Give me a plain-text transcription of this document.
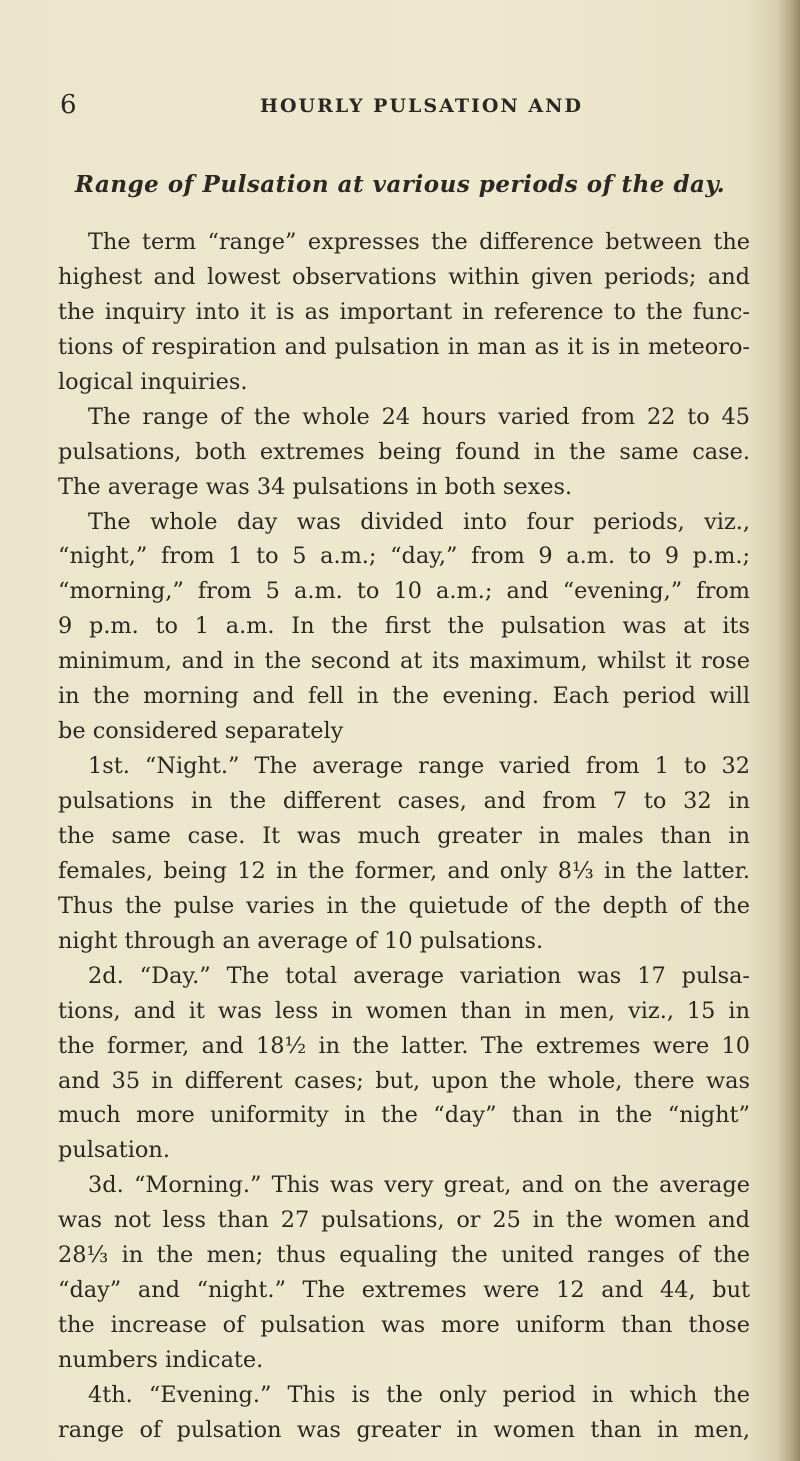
6	HOURLY PULSATION AND
Range of Pulsation at various periods of the day.
The term “range” expresses the difference between the
highest and lowest observations within given periods; and
the inquiry into it is as important in reference to the func-
tions of respiration and pulsation in man as it is in meteoro-
logical inquiries.
The range of the whole 24 hours varied from 22 to 45
pulsations, both extremes being found in the same case.
The average was 34 pulsations in both sexes.
The whole day was divided into four periods, viz.,
“night,” from 1 to 5 a.m.; “day,” from 9 a.m. to 9 p.m.;
“morning,” from 5 a.m. to 10 a.m.; and “evening,” from
9 p.m. to 1 a.m. In the first the pulsation was at its
minimum, and in the second at its maximum, whilst it rose
in the morning and fell in the evening. Each period will
be considered separately
1st. “Night.” The average range varied from 1 to 32
pulsations in the different cases, and from 7 to 32 in
the same case. It was much greater in males than in
females, being 12 in the former, and only 8⅓ in the latter.
Thus the pulse varies in the quietude of the depth of the
night through an average of 10 pulsations.
2d. “Day.” The total average variation was 17 pulsa-
tions, and it was less in women than in men, viz., 15 in
the former, and 18½ in the latter. The extremes were 10
and 35 in different cases; but, upon the whole, there was
much more uniformity in the “day” than in the “night”
pulsation.
3d. “Morning.” This was very great, and on the average
was not less than 27 pulsations, or 25 in the women and
28⅓ in the men; thus equaling the united ranges of the
“day” and “night.” The extremes were 12 and 44, but
the increase of pulsation was more uniform than those
numbers indicate.
4th. “Evening.” This is the only period in which the
range of pulsation was greater in women than in men,
